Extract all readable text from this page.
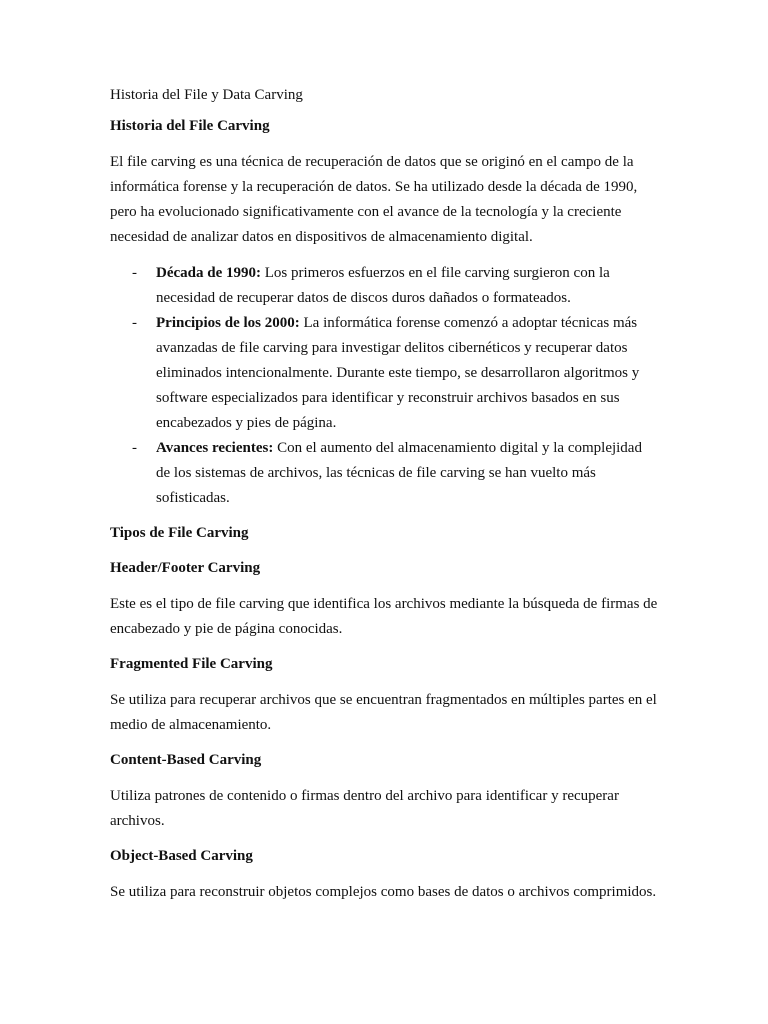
Historia del File y Data Carving
Historia del File Carving

El file carving es una técnica de recuperación de datos que se originó en el campo de la informática forense y la recuperación de datos. Se ha utilizado desde la década de 1990, pero ha evolucionado significativamente con el avance de la tecnología y la creciente necesidad de analizar datos en dispositivos de almacenamiento digital.

- Década de 1990: Los primeros esfuerzos en el file carving surgieron con la necesidad de recuperar datos de discos duros dañados o formateados.
- Principios de los 2000: La informática forense comenzó a adoptar técnicas más avanzadas de file carving para investigar delitos cibernéticos y recuperar datos eliminados intencionalmente. Durante este tiempo, se desarrollaron algoritmos y software especializados para identificar y reconstruir archivos basados en sus encabezados y pies de página.
- Avances recientes: Con el aumento del almacenamiento digital y la complejidad de los sistemas de archivos, las técnicas de file carving se han vuelto más sofisticadas.
Tipos de File Carving
Header/Footer Carving

Este es el tipo de file carving que identifica los archivos mediante la búsqueda de firmas de encabezado y pie de página conocidas.

Fragmented File Carving

Se utiliza para recuperar archivos que se encuentran fragmentados en múltiples partes en el medio de almacenamiento.

Content-Based Carving

Utiliza patrones de contenido o firmas dentro del archivo para identificar y recuperar archivos.

Object-Based Carving

Se utiliza para reconstruir objetos complejos como bases de datos o archivos comprimidos.
